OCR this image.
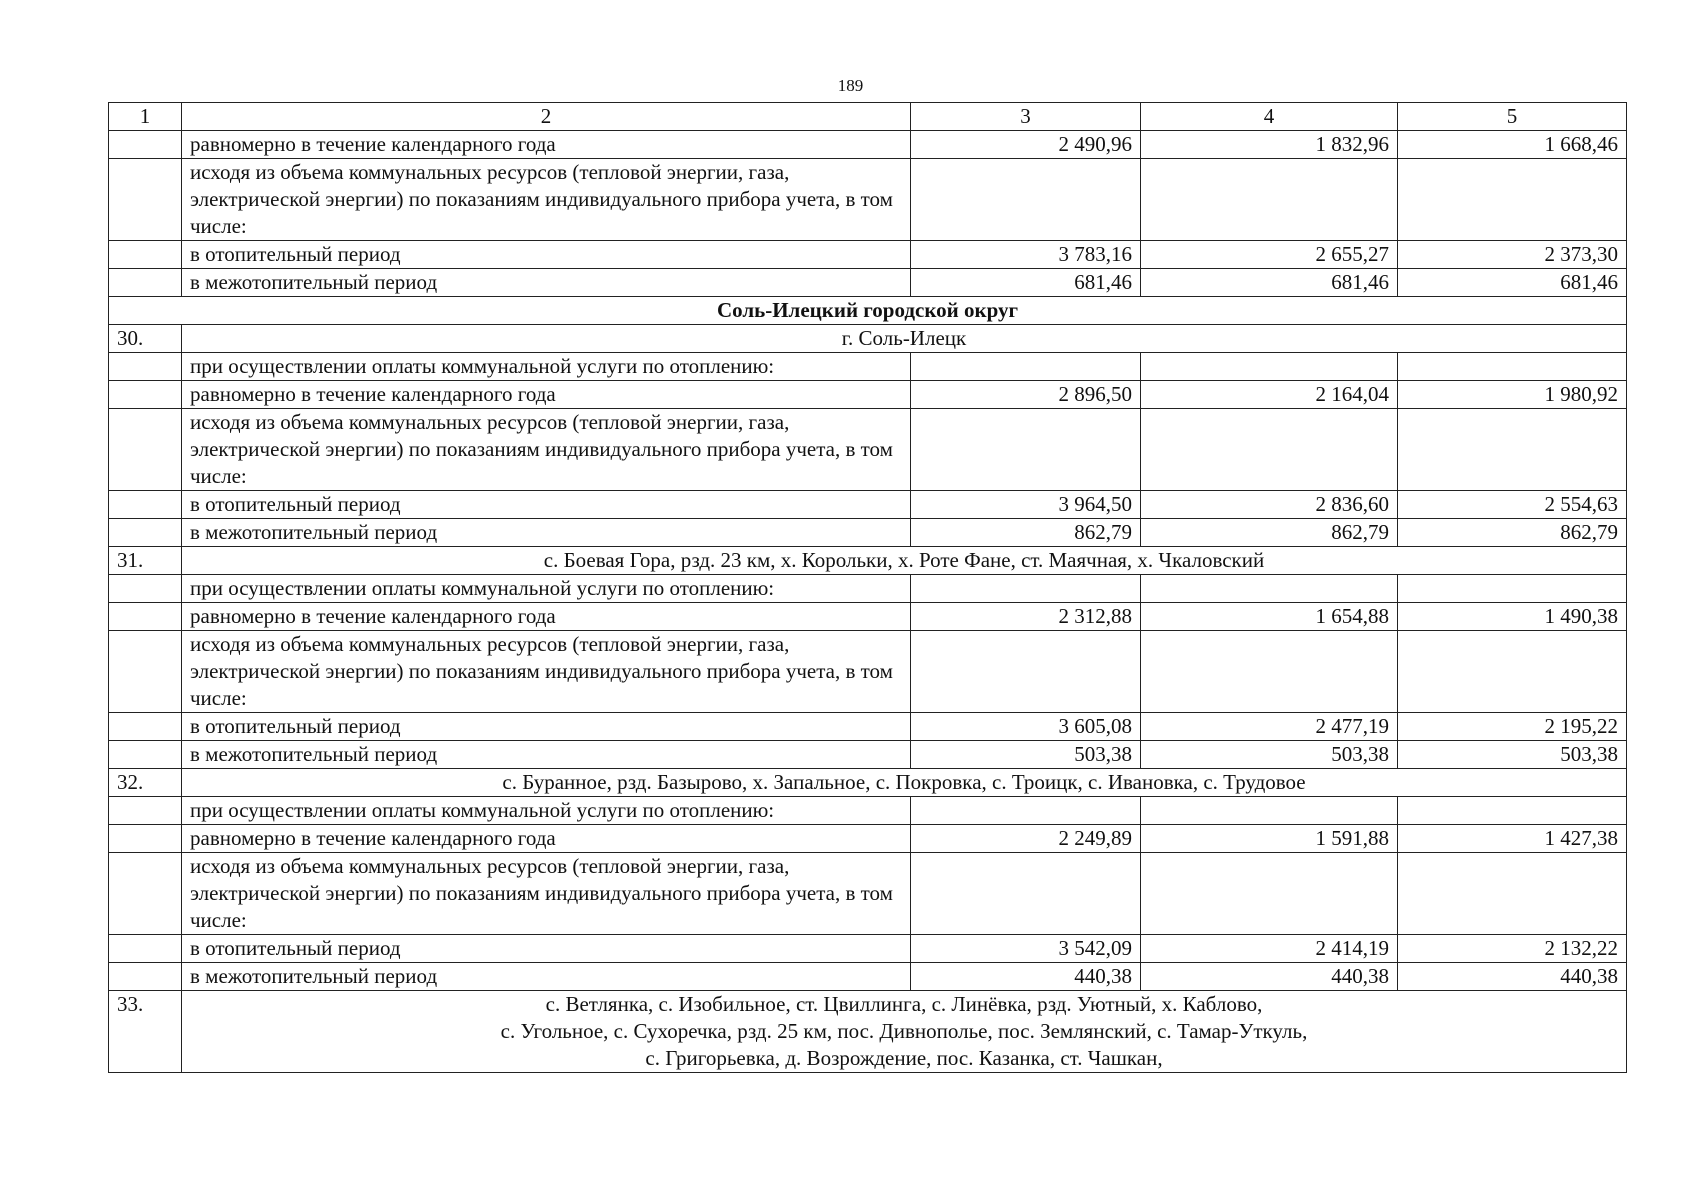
189
1	2	3	4	5
	равномерно в течение календарного года	2 490,96	1 832,96	1 668,46
	исходя из объема коммунальных ресурсов (тепловой энергии, газа, электрической энергии) по показаниям индивидуального прибора учета, в том числе:			
	в отопительный период	3 783,16	2 655,27	2 373,30
	в межотопительный период	681,46	681,46	681,46
Соль-Илецкий городской округ				
30.	г. Соль-Илецк			
	при осуществлении оплаты коммунальной услуги по отоплению:			
	равномерно в течение календарного года	2 896,50	2 164,04	1 980,92
	исходя из объема коммунальных ресурсов (тепловой энергии, газа, электрической энергии) по показаниям индивидуального прибора учета, в том числе:			
	в отопительный период	3 964,50	2 836,60	2 554,63
	в межотопительный период	862,79	862,79	862,79
31.	с. Боевая Гора, рзд. 23 км, х. Корольки, х. Роте Фане, ст. Маячная, х. Чкаловский			
	при осуществлении оплаты коммунальной услуги по отоплению:			
	равномерно в течение календарного года	2 312,88	1 654,88	1 490,38
	исходя из объема коммунальных ресурсов (тепловой энергии, газа, электрической энергии) по показаниям индивидуального прибора учета, в том числе:			
	в отопительный период	3 605,08	2 477,19	2 195,22
	в межотопительный период	503,38	503,38	503,38
32.	с. Буранное, рзд. Базырово, х. Запальное, с. Покровка, с. Троицк, с. Ивановка, с. Трудовое			
	при осуществлении оплаты коммунальной услуги по отоплению:			
	равномерно в течение календарного года	2 249,89	1 591,88	1 427,38
	исходя из объема коммунальных ресурсов (тепловой энергии, газа, электрической энергии) по показаниям индивидуального прибора учета, в том числе:			
	в отопительный период	3 542,09	2 414,19	2 132,22
	в межотопительный период	440,38	440,38	440,38
33.	с. Ветлянка, с. Изобильное, ст. Цвиллинга, с. Линёвка, рзд. Уютный, х. Каблово,
с. Угольное, с. Сухоречка, рзд. 25 км, пос. Дивнополье, пос. Землянский, с. Тамар-Уткуль,
с. Григорьевка, д. Возрождение, пос. Казанка, ст. Чашкан,			
